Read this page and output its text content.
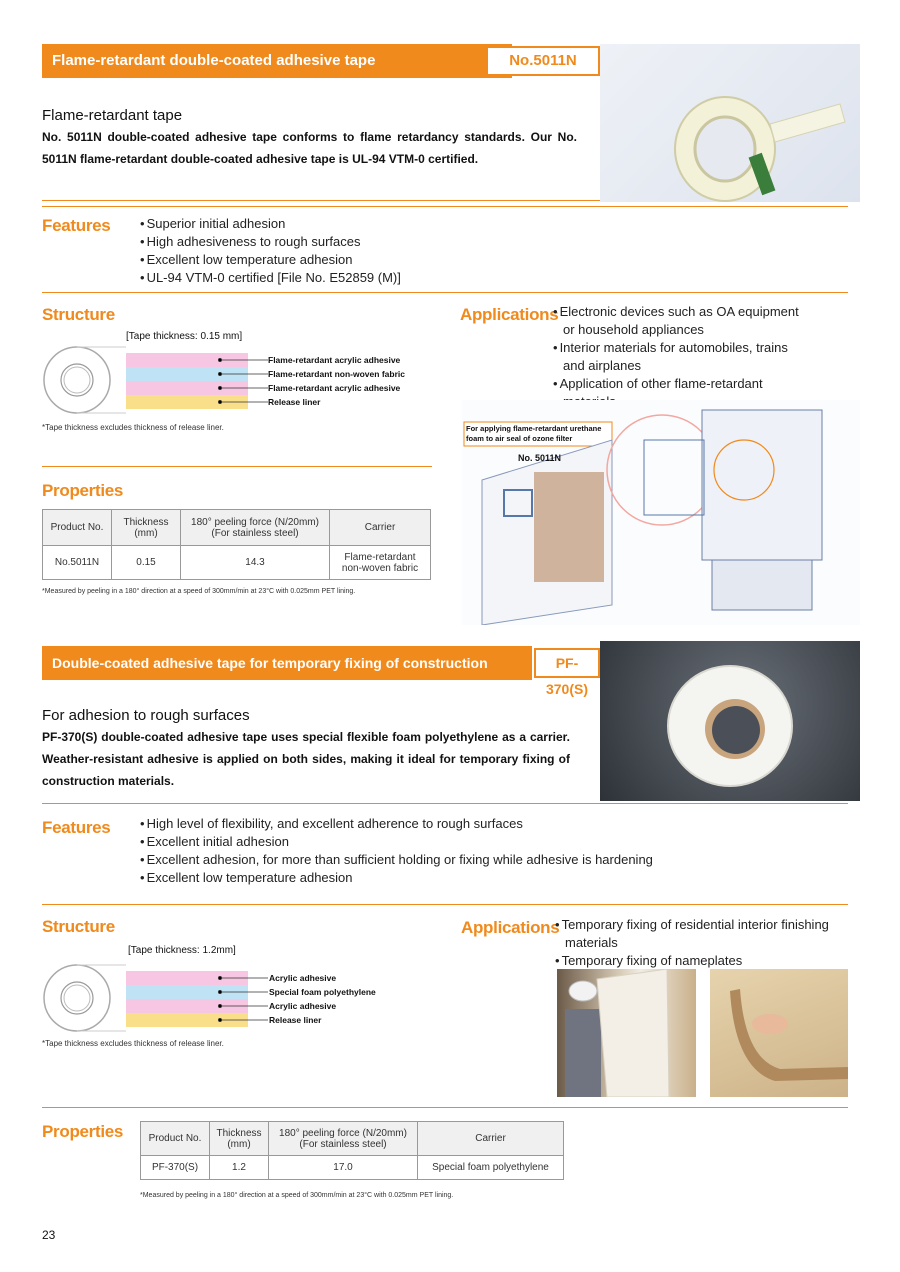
Flame-retardant double-coated adhesive tape	No.5011N
Flame-retardant tape
No. 5011N double-coated adhesive tape conforms to flame retardancy standards. Our No. 5011N flame-retardant double-coated adhesive tape is UL-94 VTM-0 certified.
Features	• Superior initial adhesion
• High adhesiveness to rough surfaces
• Excellent low temperature adhesion
• UL-94 VTM-0 certified [File No. E52859 (M)]
Structure
[Tape thickness: 0.15 mm]
Flame-retardant acrylic adhesive
Flame-retardant non-woven fabric
Flame-retardant acrylic adhesive
Release liner
*Tape thickness excludes thickness of release liner.
Applications • Electronic devices such as OA equipment or household appliances
• Interior materials for automobiles, trains and airplanes
• Application of other flame-retardant
For applying flame-retardant urethane foam to air seal of ozone filter
No. 5011N
Properties
Product No.	Thickness (mm)	180° peeling force (N/20mm) (For stainless steel)	Carrier
No.5011N	0.15	14.3	Flame-retardant non-woven fabric
*Measured by peeling in a 180° direction at a speed of 300mm/min at 23°C with 0.025mm PET lining.
Double-coated adhesive tape for temporary fixing of construction materials
PF-370(S)
For adhesion to rough surfaces
PF-370(S) double-coated adhesive tape uses special flexible foam polyethylene as a carrier. Weather-resistant adhesive is applied on both sides, making it ideal for temporary fixing of construction materials.
Features	• High level of flexibility, and excellent adherence to rough surfaces
• Excellent initial adhesion
• Excellent adhesion, for more than sufficient holding or fixing while adhesive is hardening
• Excellent low temperature adhesion
Structure
[Tape thickness: 1.2mm]
Acrylic adhesive
Special foam polyethylene
Acrylic adhesive
Release liner
*Tape thickness excludes thickness of release liner.
Applications • Temporary fixing of residential interior finishing materials
• Temporary fixing of nameplates
Properties	Product No.	Thickness (mm)	180° peeling force (N/20mm) (For stainless steel)	Carrier
PF-370(S)	1.2	17.0	Special foam polyethylene
*Measured by peeling in a 180° direction at a speed of 300mm/min at 23°C with 0.025mm PET lining.
23
